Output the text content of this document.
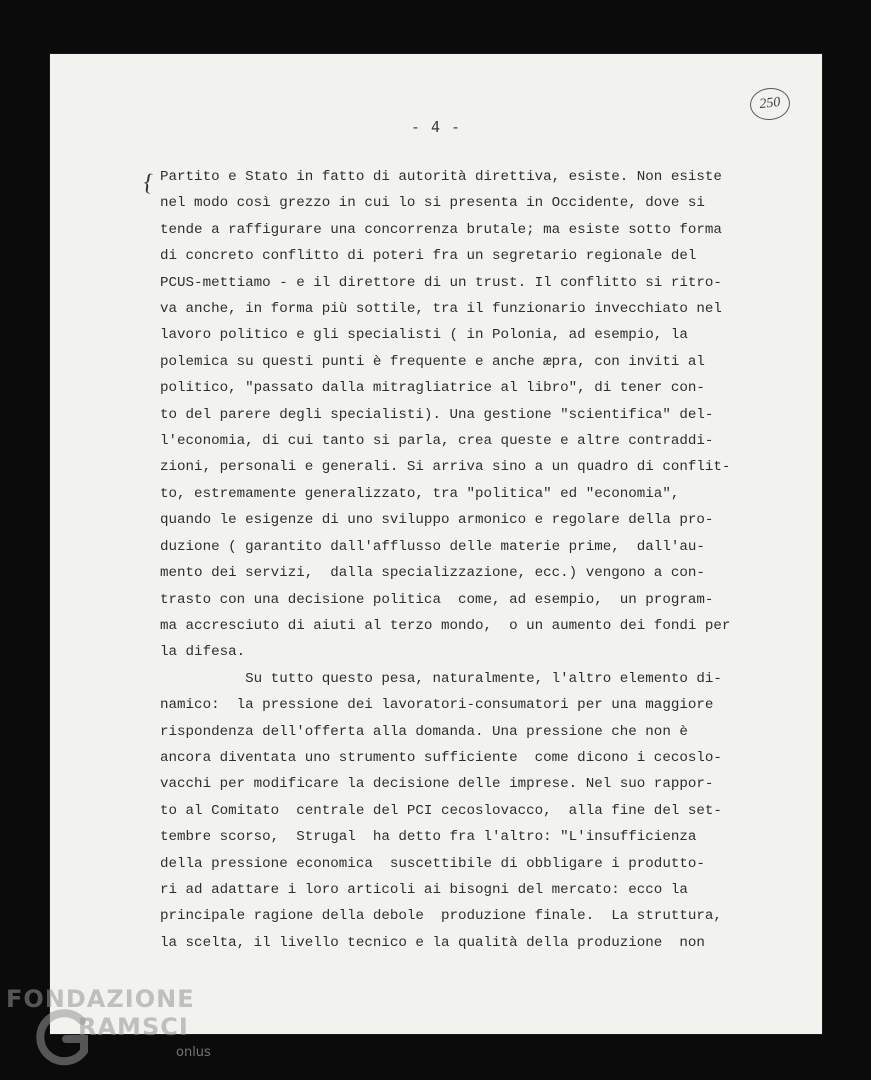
- 4 -
250
{ Partito e Stato in fatto di autorità direttiva, esiste. Non esiste
nel modo così grezzo in cui lo si presenta in Occidente, dove si
tende a raffigurare una concorrenza brutale; ma esiste sotto forma
di concreto conflitto di poteri fra un segretario regionale del
PCUS-mettiamo - e il direttore di un trust. Il conflitto si ritro-
va anche, in forma più sottile, tra il funzionario invecchiato nel
lavoro politico e gli specialisti ( in Polonia, ad esempio, la
polemica su questi punti è frequente e anche æpra, con inviti al
politico, "passato dalla mitragliatrice al libro", di tener con-
to del parere degli specialisti). Una gestione "scientifica" del-
l'economia, di cui tanto si parla, crea queste e altre contraddi-
zioni, personali e generali. Si arriva sino a un quadro di conflit-
to, estremamente generalizzato, tra "politica" ed "economia",
quando le esigenze di uno sviluppo armonico e regolare della pro-
duzione ( garantito dall'afflusso delle materie prime,  dall'au-
mento dei servizi,  dalla specializzazione, ecc.) vengono a con-
trasto con una decisione politica  come, ad esempio,  un program-
ma accresciuto di aiuti al terzo mondo,  o un aumento dei fondi per
la difesa.
Su tutto questo pesa, naturalmente, l'altro elemento di-
namico:  la pressione dei lavoratori-consumatori per una maggiore
rispondenza dell'offerta alla domanda. Una pressione che non è
ancora diventata uno strumento sufficiente  come dicono i cecoslo-
vacchi per modificare la decisione delle imprese. Nel suo rappor-
to al Comitato  centrale del PCI cecoslovacco,  alla fine del set-
tembre scorso,  Strugal  ha detto fra l'altro: "L'insufficienza
della pressione economica  suscettibile di obbligare i produtto-
ri ad adattare i loro articoli ai bisogni del mercato: ecco la
principale ragione della debole  produzione finale.  La struttura,
la scelta, il livello tecnico e la qualità della produzione  non
FONDAZIONE
RAMSCI
onlus
